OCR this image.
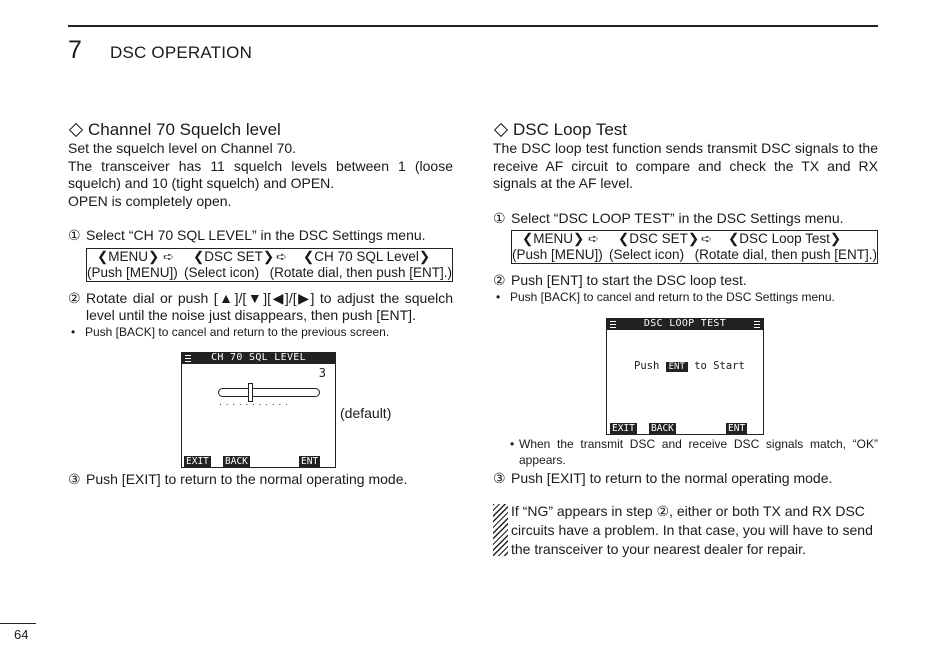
7 DSC OPERATION
Channel 70 Squelch level
Set the squelch level on Channel 70.
The transceiver has 11 squelch levels between 1 (loose squelch) and 10 (tight squelch) and OPEN.
OPEN is completely open.
① Select “CH 70 SQL LEVEL” in the DSC Settings menu.
❮MENU❯ ➪	❮DSC SET❯ ➪	❮CH 70 SQL Level❯
(Push [MENU]) (Select icon) (Rotate dial, then push [ENT].)
② Rotate dial or push [▲]/[▼][◀]/[▶] to adjust the squelch level until the noise just disappears, then push [ENT].
• Push [BACK] to cancel and return to the previous screen.
CH 70 SQL LEVEL
3
···········
EXIT BACK	ENT
(default)
③ Push [EXIT] to return to the normal operating mode.
DSC Loop Test
The DSC loop test function sends transmit DSC signals to the receive AF circuit to compare and check the TX and RX signals at the AF level.
① Select “DSC LOOP TEST” in the DSC Settings menu.
❮MENU❯ ➪	❮DSC SET❯ ➪	❮DSC Loop Test❯
(Push [MENU]) (Select icon) (Rotate dial, then push [ENT].)
② Push [ENT] to start the DSC loop test.
• Push [BACK] to cancel and return to the DSC Settings menu.
DSC LOOP TEST
Push ENT to Start
EXIT BACK	ENT
• When the transmit DSC and receive DSC signals match, “OK” appears.
③ Push [EXIT] to return to the normal operating mode.
If “NG” appears in step ②, either or both TX and RX DSC circuits have a problem. In that case, you will have to send the transceiver to your nearest dealer for repair.
64
